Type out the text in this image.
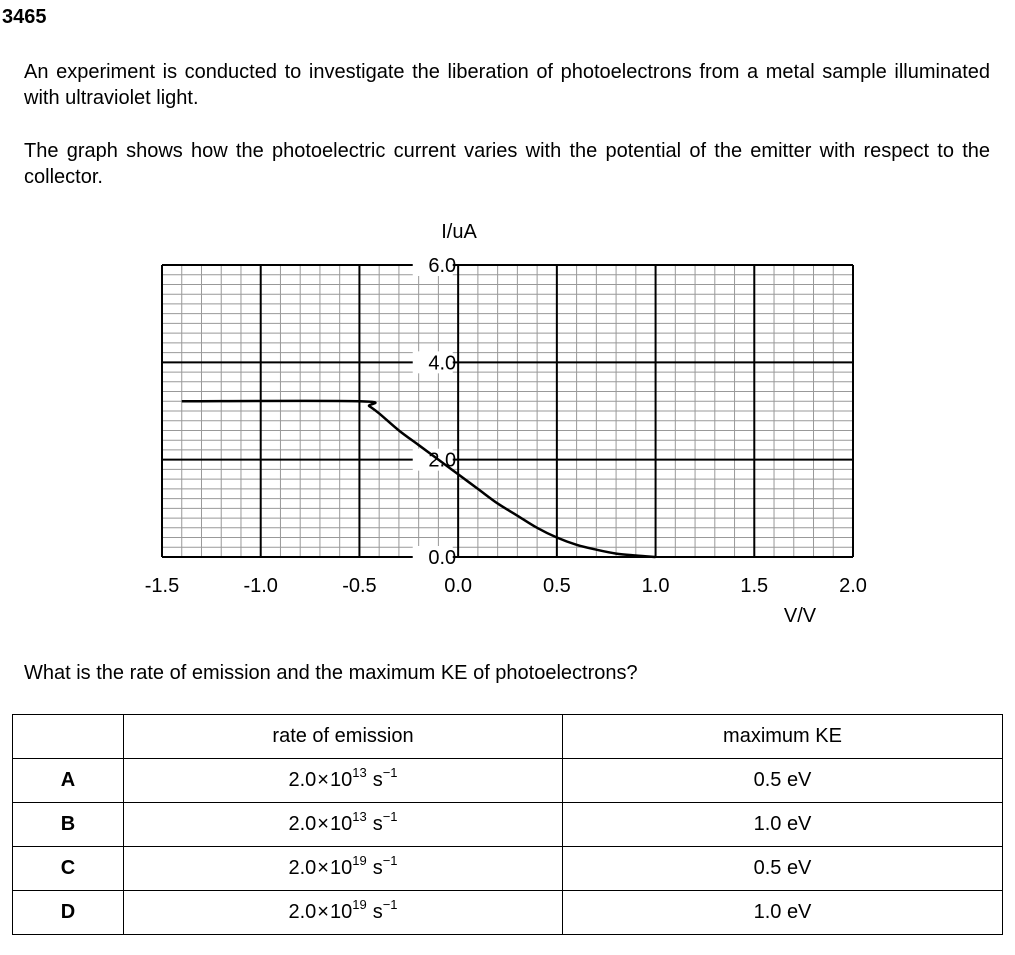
3465

An experiment is conducted to investigate the liberation of photoelectrons from a metal sample illuminated with ultraviolet light.

The graph shows how the photoelectric current varies with the potential of the emitter with respect to the collector.

6.0
4.0
2.0
0.0
-1.5	-1.0	-0.5	0.0	0.5	1.0	1.5	2.0
I/uA
V/V

What is the rate of emission and the maximum KE of photoelectrons?

	rate of emission	maximum KE
A	$2.0\times 10^{13}$ $s^{-1}$	0.5 eV
B	$2.0\times 10^{13}$ $s^{-1}$	1.0 eV
C	$2.0\times 10^{19}$ $s^{-1}$	0.5 eV
D	$2.0\times 10^{19}$ $s^{-1}$	1.0 eV
